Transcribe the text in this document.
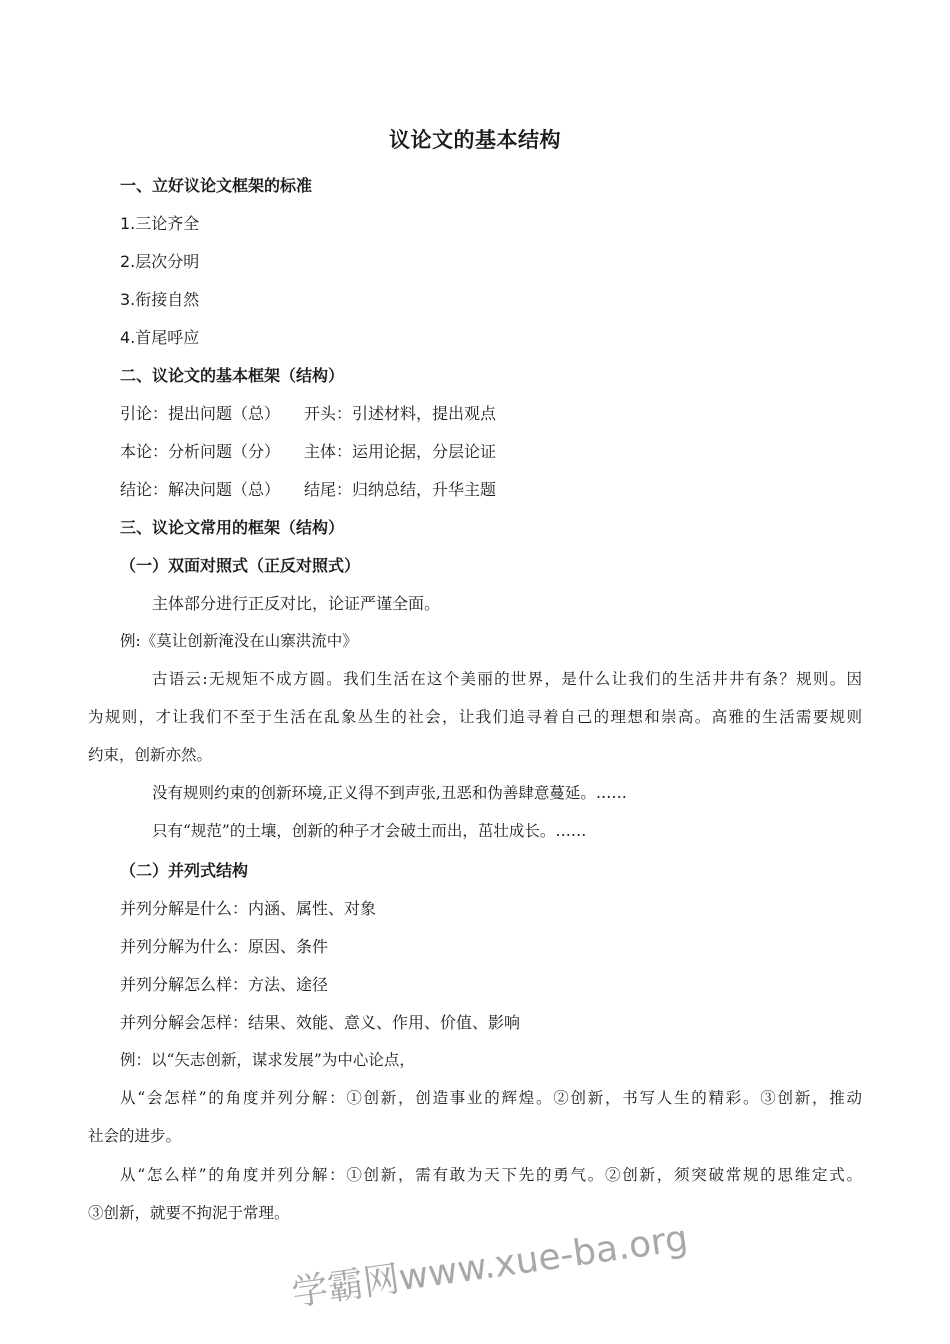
议论文的基本结构
一、立好议论文框架的标准
1.三论齐全
2.层次分明
3.衔接自然
4.首尾呼应
二、议论文的基本框架（结构）
引论：提出问题（总） 开头：引述材料，提出观点
本论：分析问题（分） 主体：运用论据，分层论证
结论：解决问题（总） 结尾：归纳总结，升华主题
三、议论文常用的框架（结构）
（一）双面对照式（正反对照式）
主体部分进行正反对比，论证严谨全面。
例:《莫让创新淹没在山寨洪流中》
古语云:无规矩不成方圆。我们生活在这个美丽的世界，是什么让我们的生活井井有条？规则。因
为规则，才让我们不至于生活在乱象丛生的社会，让我们追寻着自己的理想和崇高。高雅的生活需要规则
约束，创新亦然。
没有规则约束的创新环境,正义得不到声张,丑恶和伪善肆意蔓延。……
只有“规范”的土壤，创新的种子才会破土而出，茁壮成长。……
（二）并列式结构
并列分解是什么：内涵、属性、对象
并列分解为什么：原因、条件
并列分解怎么样：方法、途径
并列分解会怎样：结果、效能、意义、作用、价值、影响
例：以“矢志创新，谋求发展”为中心论点，
从“会怎样”的角度并列分解：①创新，创造事业的辉煌。②创新，书写人生的精彩。③创新，推动
社会的进步。
从“怎么样”的角度并列分解：①创新，需有敢为天下先的勇气。②创新，须突破常规的思维定式。
③创新，就要不拘泥于常理。
学霸网www.xue-ba.org
